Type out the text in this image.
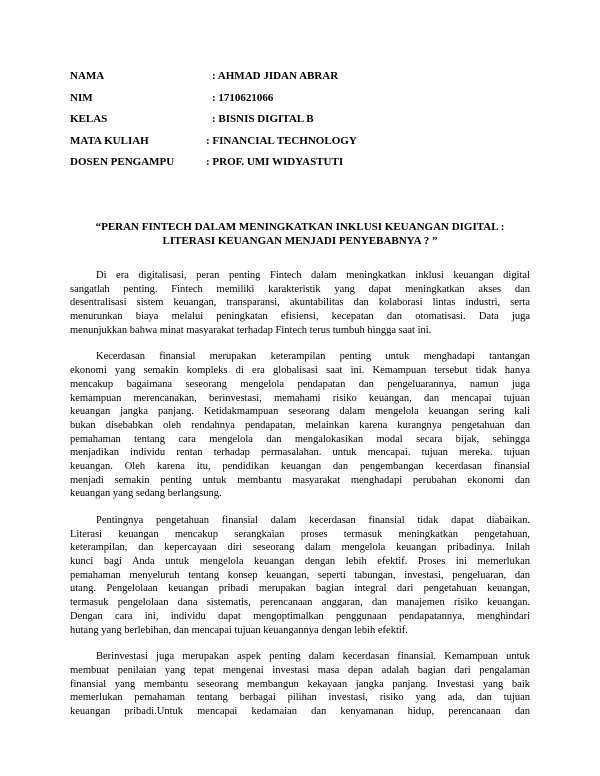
NAMA	: AHMAD JIDAN ABRAR
NIM	: 1710621066
KELAS	: BISNIS DIGITAL B
MATA KULIAH	: FINANCIAL TECHNOLOGY
DOSEN PENGAMPU	: PROF. UMI WIDYASTUTI
“PERAN FINTECH DALAM MENINGKATKAN INKLUSI KEUANGAN DIGITAL :
LITERASI KEUANGAN MENJADI PENYEBABNYA ? ”
Di era digitalisasi, peran penting Fintech dalam meningkatkan inklusi keuangan digital
sangatlah penting. Fintech memiliki karakteristik yang dapat meningkatkan akses dan
desentralisasi sistem keuangan, transparansi, akuntabilitas dan kolaborasi lintas industri, serta
menurunkan biaya melalui peningkatan efisiensi, kecepatan dan otomatisasi. Data juga
menunjukkan bahwa minat masyarakat terhadap Fintech terus tumbuh hingga saat ini.
Kecerdasan finansial merupakan keterampilan penting untuk menghadapi tantangan
ekonomi yang semakin kompleks di era globalisasi saat ini. Kemampuan tersebut tidak hanya
mencakup bagaimana seseorang mengelola pendapatan dan pengeluarannya, namun juga
kemampuan merencanakan, berinvestasi, memahami risiko keuangan, dan mencapai tujuan
keuangan jangka panjang. Ketidakmampuan seseorang dalam mengelola keuangan sering kali
bukan disebabkan oleh rendahnya pendapatan, melainkan karena kurangnya pengetahuan dan
pemahaman tentang cara mengelola dan mengalokasikan modal secara bijak, sehingga
menjadikan individu rentan terhadap permasalahan. untuk mencapai. tujuan mereka. tujuan
keuangan. Oleh karena itu, pendidikan keuangan dan pengembangan kecerdasan finansial
menjadi semakin penting untuk membantu masyarakat menghadapi perubahan ekonomi dan
keuangan yang sedang berlangsung.
Pentingnya pengetahuan finansial dalam kecerdasan finansial tidak dapat diabaikan.
Literasi keuangan mencakup serangkaian proses termasuk meningkatkan pengetahuan,
keterampilan, dan kepercayaan diri seseorang dalam mengelola keuangan pribadinya. Inilah
kunci bagi Anda untuk mengelola keuangan dengan lebih efektif. Proses ini memerlukan
pemahaman menyeluruh tentang konsep keuangan, seperti tabungan, investasi, pengeluaran, dan
utang. Pengelolaan keuangan pribadi merupakan bagian integral dari pengetahuan keuangan,
termasuk pengelolaan dana sistematis, perencanaan anggaran, dan manajemen risiko keuangan.
Dengan cara ini, individu dapat mengoptimalkan penggunaan pendapatannya, menghindari
hutang yang berlebihan, dan mencapai tujuan keuangannya dengan lebih efektif.
Berinvestasi juga merupakan aspek penting dalam kecerdasan finansial. Kemampuan untuk
membuat penilaian yang tepat mengenai investasi masa depan adalah bagian dari pengalaman
finansial yang membantu seseorang membangun kekayaan jangka panjang. Investasi yang baik
memerlukan pemahaman tentang berbagai pilihan investasi, risiko yang ada, dan tujuan
keuangan pribadi.Untuk mencapai kedamaian dan kenyamanan hidup, perencanaan dan
